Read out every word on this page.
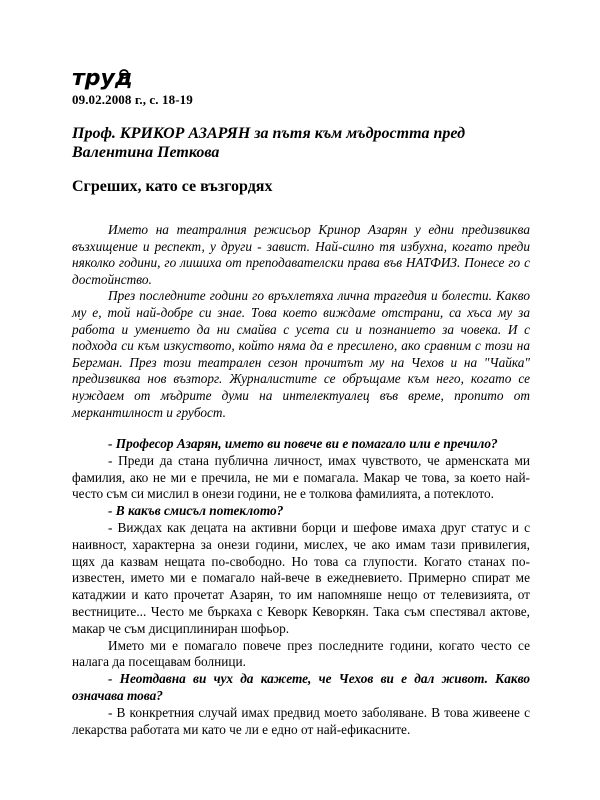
труд
09.02.2008 г., с. 18-19
Проф. КРИКОР АЗАРЯН за пътя към мъдростта пред Валентина Петкова
Сгреших, като се възгордях

Името на театралния режисьор Кринор Азарян у едни предизвиква възхищение и респект, у други - завист. Най-силно тя избухна, когато преди няколко години, го лишиха от преподавателски права във НАТФИЗ. Понесе го с достойнство.

През последните години го връхлетяха лична трагедия и болести. Какво му е, той най-добре си знае. Това което виждаме отстрани, са хъса му за работа и умението да ни смайва с усета си и познанието за човека. И с подхода си към изкуството, който няма да е пресилено, ако сравним с този на Бергман. През този театрален сезон прочитът му на Чехов и на "Чайка" предизвиква нов възторг. Журналистите се обръщаме към него, когато се нуждаем от мъдрите думи на интелектуалец във време, пропито от меркантилност и грубост.

- Професор Азарян, името ви повече ви е помагало или е пречило?

- Преди да стана публична личност, имах чувството, че арменската ми фамилия, ако не ми е пречила, не ми е помагала. Макар че това, за което най-често съм си мислил в онези години, не е толкова фамилията, а потеклото.

- В какъв смисъл потеклото?

- Виждах как децата на активни борци и шефове имаха друг статус и с наивност, характерна за онези години, мислех, че ако имам тази привилегия, щях да казвам нещата по-свободно. Но това са глупости. Когато станах по-известен, името ми е помагало най-вече в ежедневието. Примерно спират ме катаджии и като прочетат Азарян, то им напомняше нещо от телевизията, от вестниците... Често ме бъркаха с Кеворк Кеворкян. Така съм спестявал актове, макар че съм дисциплиниран шофьор.

Името ми е помагало повече през последните години, когато често се налага да посещавам болници.

- Неотдавна ви чух да кажете, че Чехов ви е дал живот. Какво означава това?

- В конкретния случай имах предвид моето заболяване. В това живеене с лекарства работата ми като че ли е едно от най-ефикасните.
